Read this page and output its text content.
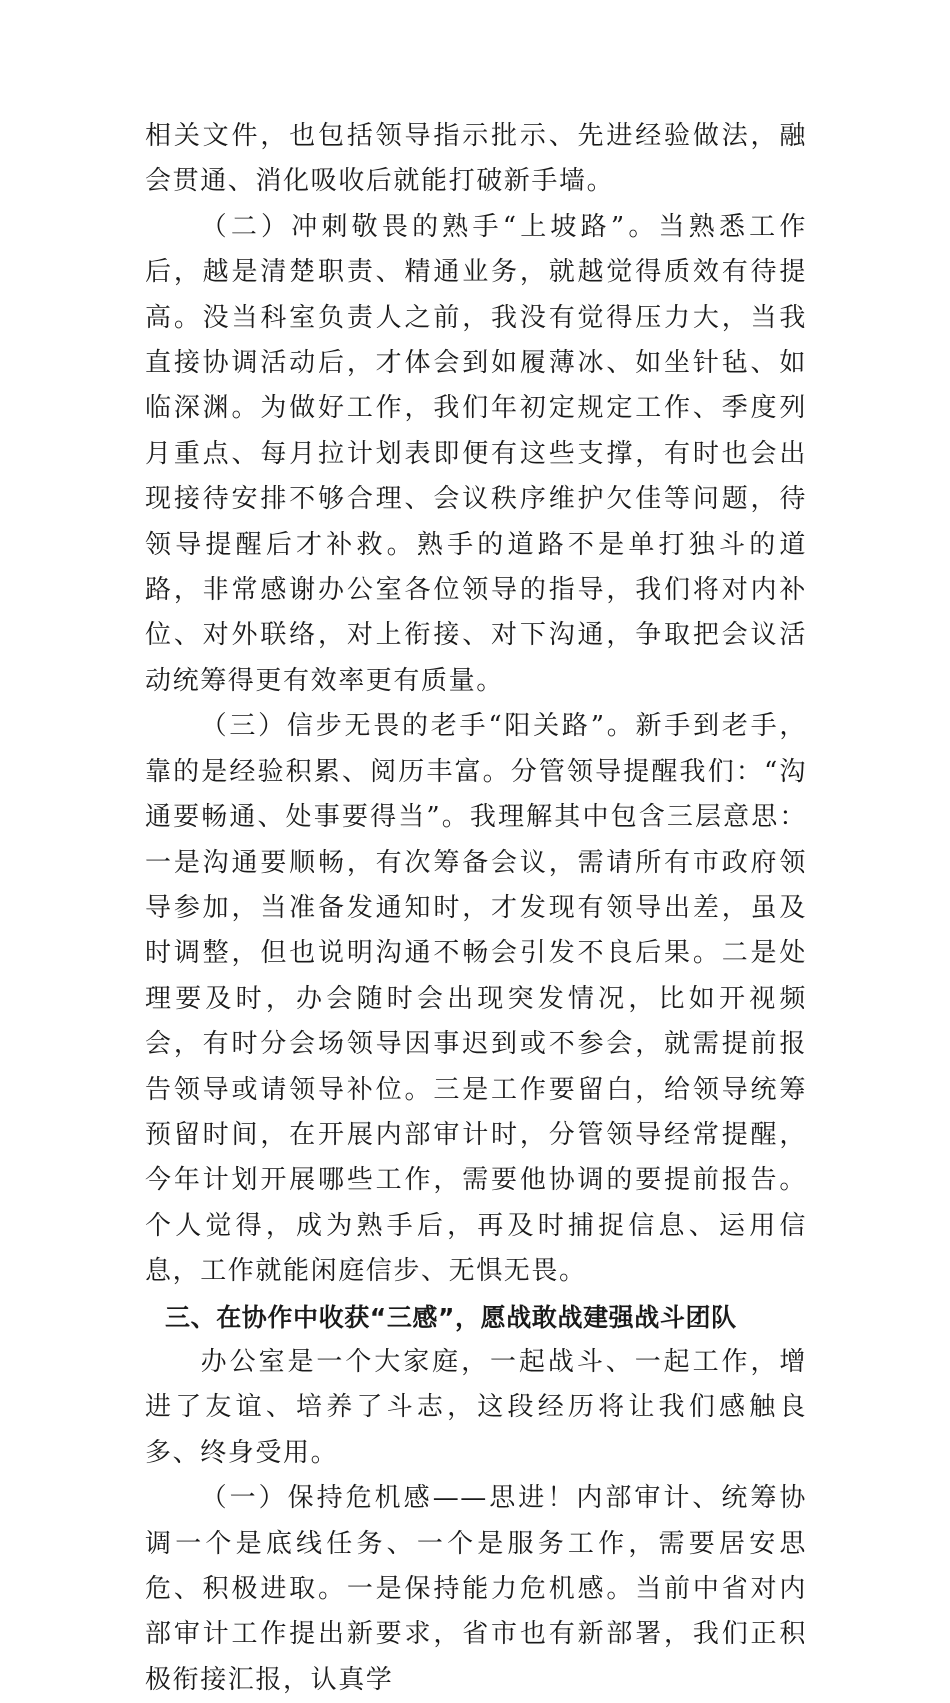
相关文件，也包括领导指示批示、先进经验做法，融会贯通、消化吸收后就能打破新手墙。

（二）冲刺敬畏的熟手“上坡路”。当熟悉工作后，越是清楚职责、精通业务，就越觉得质效有待提高。没当科室负责人之前，我没有觉得压力大，当我直接协调活动后，才体会到如履薄冰、如坐针毡、如临深渊。为做好工作，我们年初定规定工作、季度列月重点、每月拉计划表即便有这些支撑，有时也会出现接待安排不够合理、会议秩序维护欠佳等问题，待领导提醒后才补救。熟手的道路不是单打独斗的道路，非常感谢办公室各位领导的指导，我们将对内补位、对外联络，对上衔接、对下沟通，争取把会议活动统筹得更有效率更有质量。

（三）信步无畏的老手“阳关路”。新手到老手，靠的是经验积累、阅历丰富。分管领导提醒我们：“沟通要畅通、处事要得当”。我理解其中包含三层意思：一是沟通要顺畅，有次筹备会议，需请所有市政府领导参加，当准备发通知时，才发现有领导出差，虽及时调整，但也说明沟通不畅会引发不良后果。二是处理要及时，办会随时会出现突发情况，比如开视频会，有时分会场领导因事迟到或不参会，就需提前报告领导或请领导补位。三是工作要留白，给领导统筹预留时间，在开展内部审计时，分管领导经常提醒，今年计划开展哪些工作，需要他协调的要提前报告。个人觉得，成为熟手后，再及时捕捉信息、运用信息，工作就能闲庭信步、无惧无畏。

三、在协作中收获“三感”，愿战敢战建强战斗团队

办公室是一个大家庭，一起战斗、一起工作，增进了友谊、培养了斗志，这段经历将让我们感触良多、终身受用。

（一）保持危机感——思进！内部审计、统筹协调一个是底线任务、一个是服务工作，需要居安思危、积极进取。一是保持能力危机感。当前中省对内部审计工作提出新要求，省市也有新部署，我们正积极衔接汇报，认真学
